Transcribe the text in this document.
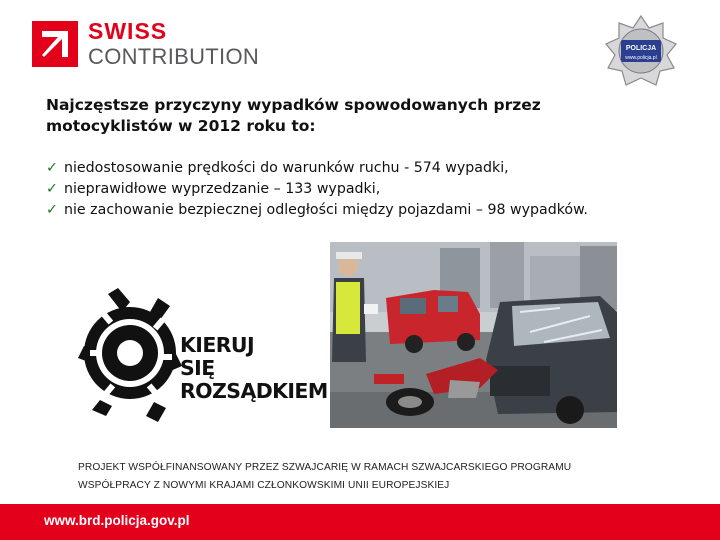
SWISS
CONTRIBUTION	POLICJA
www.policja.pl
Najczęstsze przyczyny wypadków spowodowanych przez
motocyklistów w 2012 roku to:
✓ niedostosowanie prędkości do warunków ruchu - 574 wypadki,
✓ nieprawidłowe wyprzedzanie – 133 wypadki,
✓ nie zachowanie bezpiecznej odległości między pojazdami – 98 wypadków.
KIERUJ
SIĘ
ROZSĄDKIEM
PROJEKT WSPÓŁFINANSOWANY PRZEZ SZWAJCARIĘ W RAMACH SZWAJCARSKIEGO PROGRAMU
WSPÓŁPRACY Z NOWYMI KRAJAMI CZŁONKOWSKIMI UNII EUROPEJSKIEJ
www.brd.policja.gov.pl
